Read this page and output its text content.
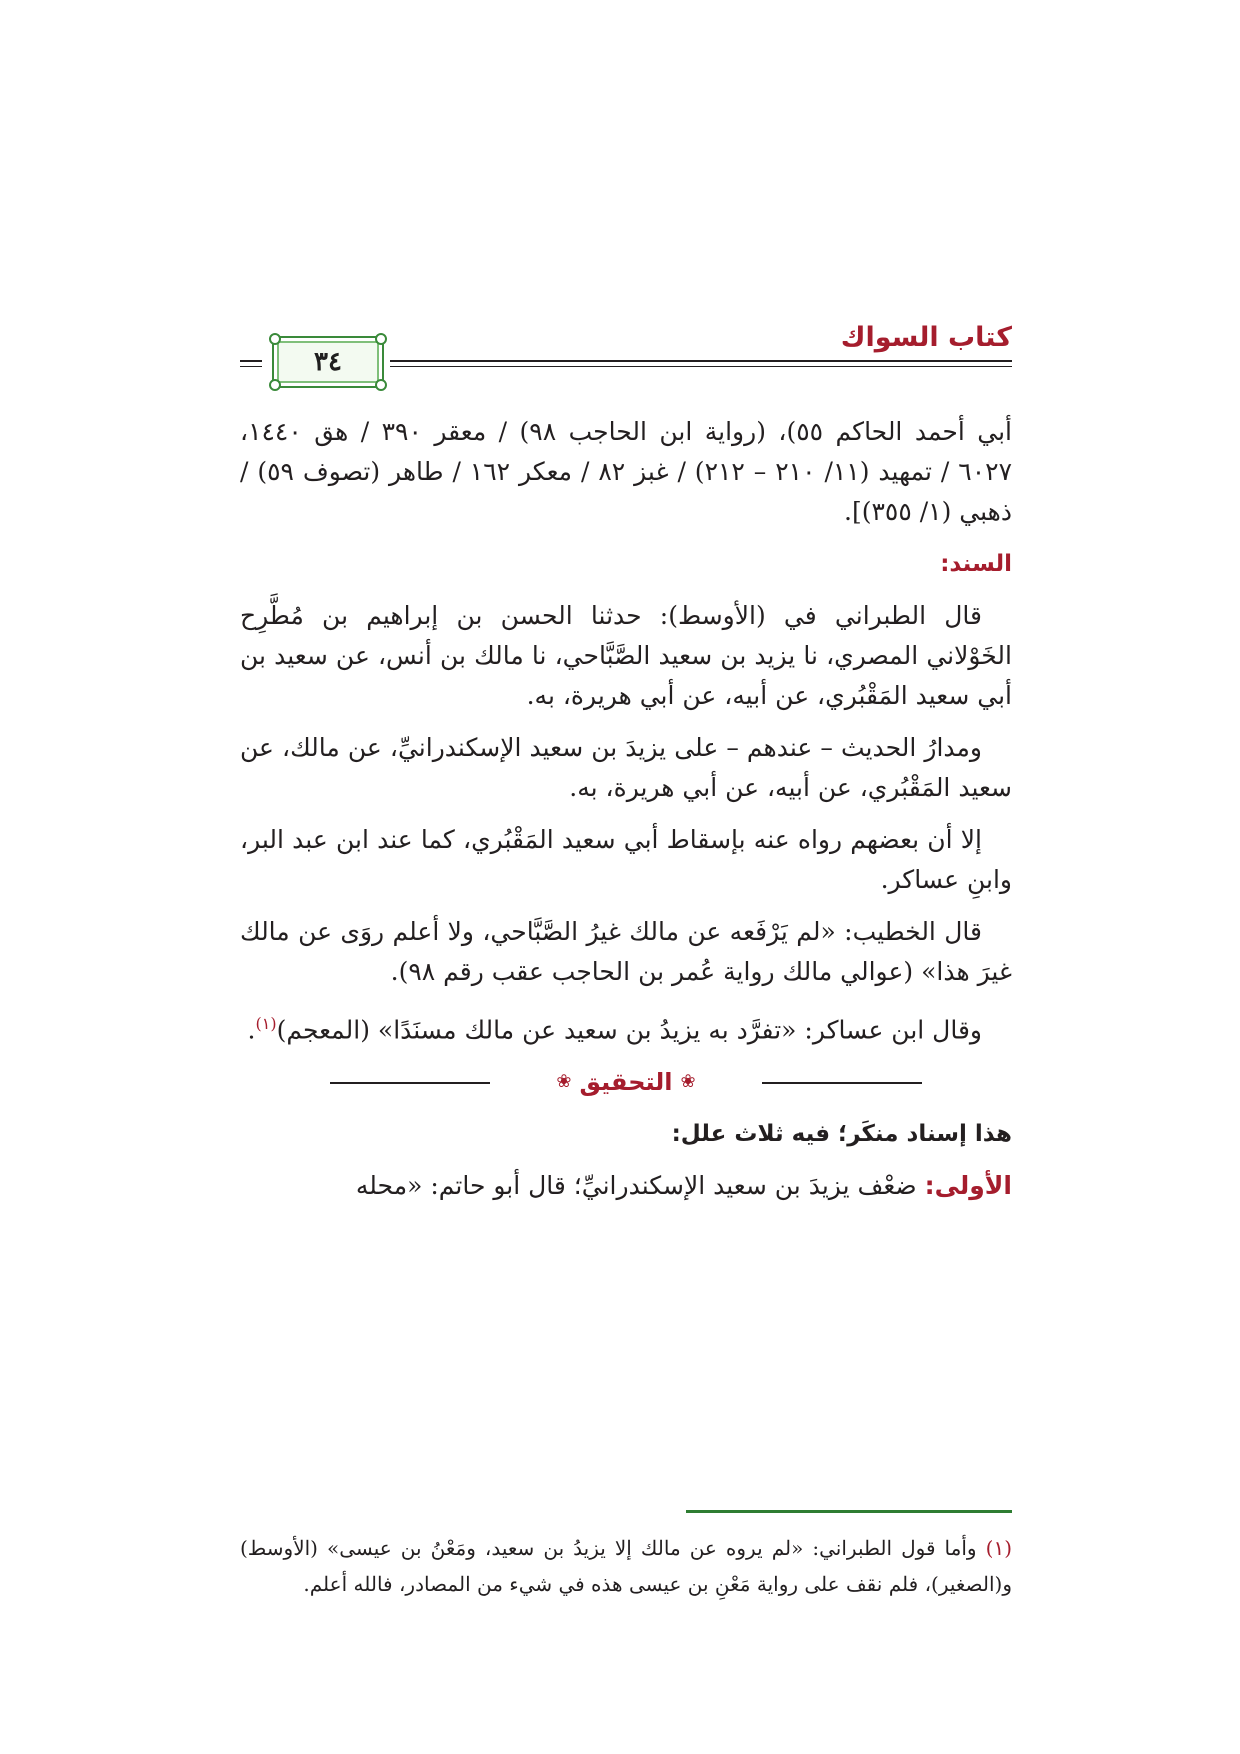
كتاب السواك
٣٤

أبي أحمد الحاكم ٥٥)، (رواية ابن الحاجب ٩٨) / معقر ٣٩٠ / هق ١٤٤٠، ٦٠٢٧ / تمهيد (١١/ ٢١٠ – ٢١٢) / غبز ٨٢ / معكر ١٦٢ / طاهر (تصوف ٥٩) / ذهبي (١/ ٣٥٥)].

السند:

قال الطبراني في (الأوسط): حدثنا الحسن بن إبراهيم بن مُطَّرِح الخَوْلاني المصري، نا يزيد بن سعيد الصَّبَّاحي، نا مالك بن أنس، عن سعيد بن أبي سعيد المَقْبُري، عن أبيه، عن أبي هريرة، به.

ومدارُ الحديث – عندهم – على يزيدَ بن سعيد الإسكندرانيِّ، عن مالك، عن سعيد المَقْبُري، عن أبيه، عن أبي هريرة، به.

إلا أن بعضهم رواه عنه بإسقاط أبي سعيد المَقْبُري، كما عند ابن عبد البر، وابنِ عساكر.

قال الخطيب: «لم يَرْفَعه عن مالك غيرُ الصَّبَّاحي، ولا أعلم روَى عن مالك غيرَ هذا» (عوالي مالك رواية عُمر بن الحاجب عقب رقم ٩٨).

وقال ابن عساكر: «تفرَّد به يزيدُ بن سعيد عن مالك مسنَدًا» (المعجم)$^{(١)}$.

❀
التحقيق
❀

هذا إسناد منكَر؛ فيه ثلاث علل:

الأولى: ضعْف يزيدَ بن سعيد الإسكندرانيِّ؛ قال أبو حاتم: «محله

(١) وأما قول الطبراني: «لم يروه عن مالك إلا يزيدُ بن سعيد، ومَعْنُ بن عيسى» (الأوسط) و(الصغير)، فلم نقف على رواية مَعْنِ بن عيسى هذه في شيء من المصادر، فالله أعلم.
